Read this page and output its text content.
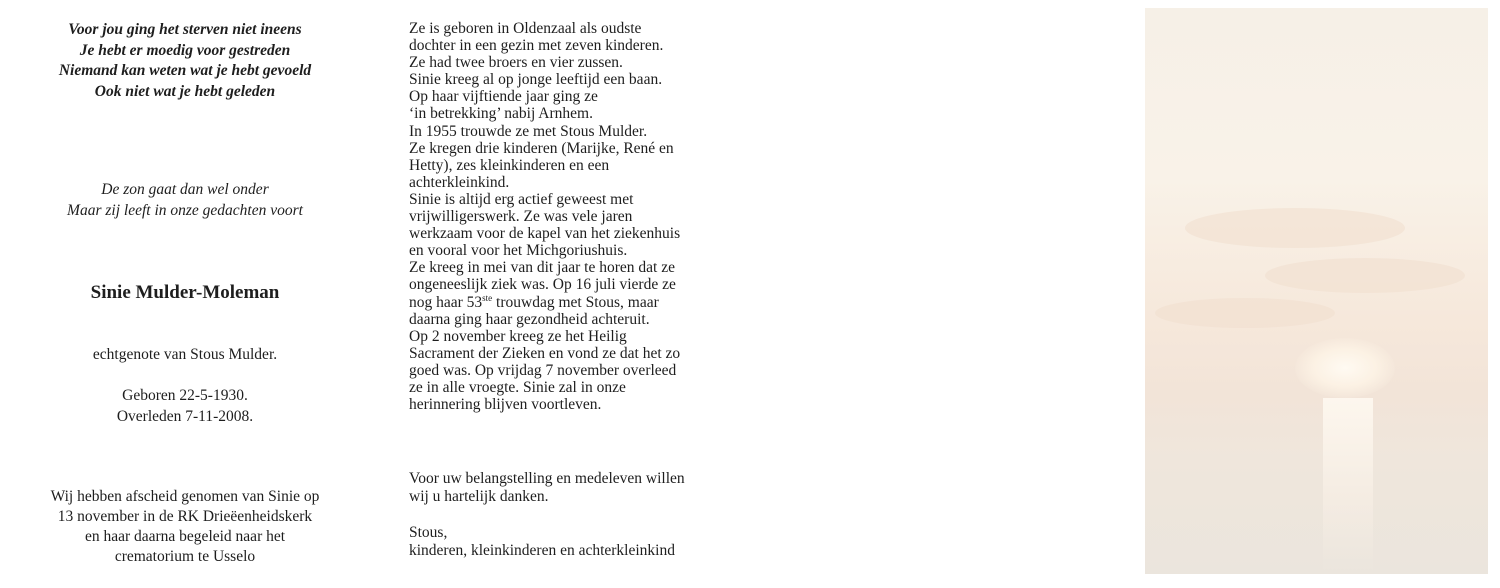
Voor jou ging het sterven niet ineens
Je hebt er moedig voor gestreden
Niemand kan weten wat je hebt gevoeld
Ook niet wat je hebt geleden
De zon gaat dan wel onder
Maar zij leeft in onze gedachten voort
Sinie Mulder-Moleman
echtgenote van Stous Mulder.
Geboren 22-5-1930.
Overleden 7-11-2008.
Wij hebben afscheid genomen van Sinie op
13 november in de RK Drieëenheidskerk
en haar daarna begeleid naar het
crematorium te Usselo
Ze is geboren in Oldenzaal als oudste
dochter in een gezin met zeven kinderen.
Ze had twee broers en vier zussen.
Sinie kreeg al op jonge leeftijd een baan.
Op haar vijftiende jaar ging ze
‘in betrekking’ nabij Arnhem.
In 1955 trouwde ze met Stous Mulder.
Ze kregen drie kinderen (Marijke, René en
Hetty), zes kleinkinderen en een
achterkleinkind.
Sinie is altijd erg actief geweest met
vrijwilligerswerk. Ze was vele jaren
werkzaam voor de kapel van het ziekenhuis
en vooral voor het Michgoriushuis.
Ze kreeg in mei van dit jaar te horen dat ze
ongeneeslijk ziek was. Op 16 juli vierde ze
nog haar 53ste trouwdag met Stous, maar
daarna ging haar gezondheid achteruit.
Op 2 november kreeg ze het Heilig
Sacrament der Zieken en vond ze dat het zo
goed was. Op vrijdag 7 november overleed
ze in alle vroegte. Sinie zal in onze
herinnering blijven voortleven.
Voor uw belangstelling en medeleven willen
wij u hartelijk danken.
Stous,
kinderen, kleinkinderen en achterkleinkind
